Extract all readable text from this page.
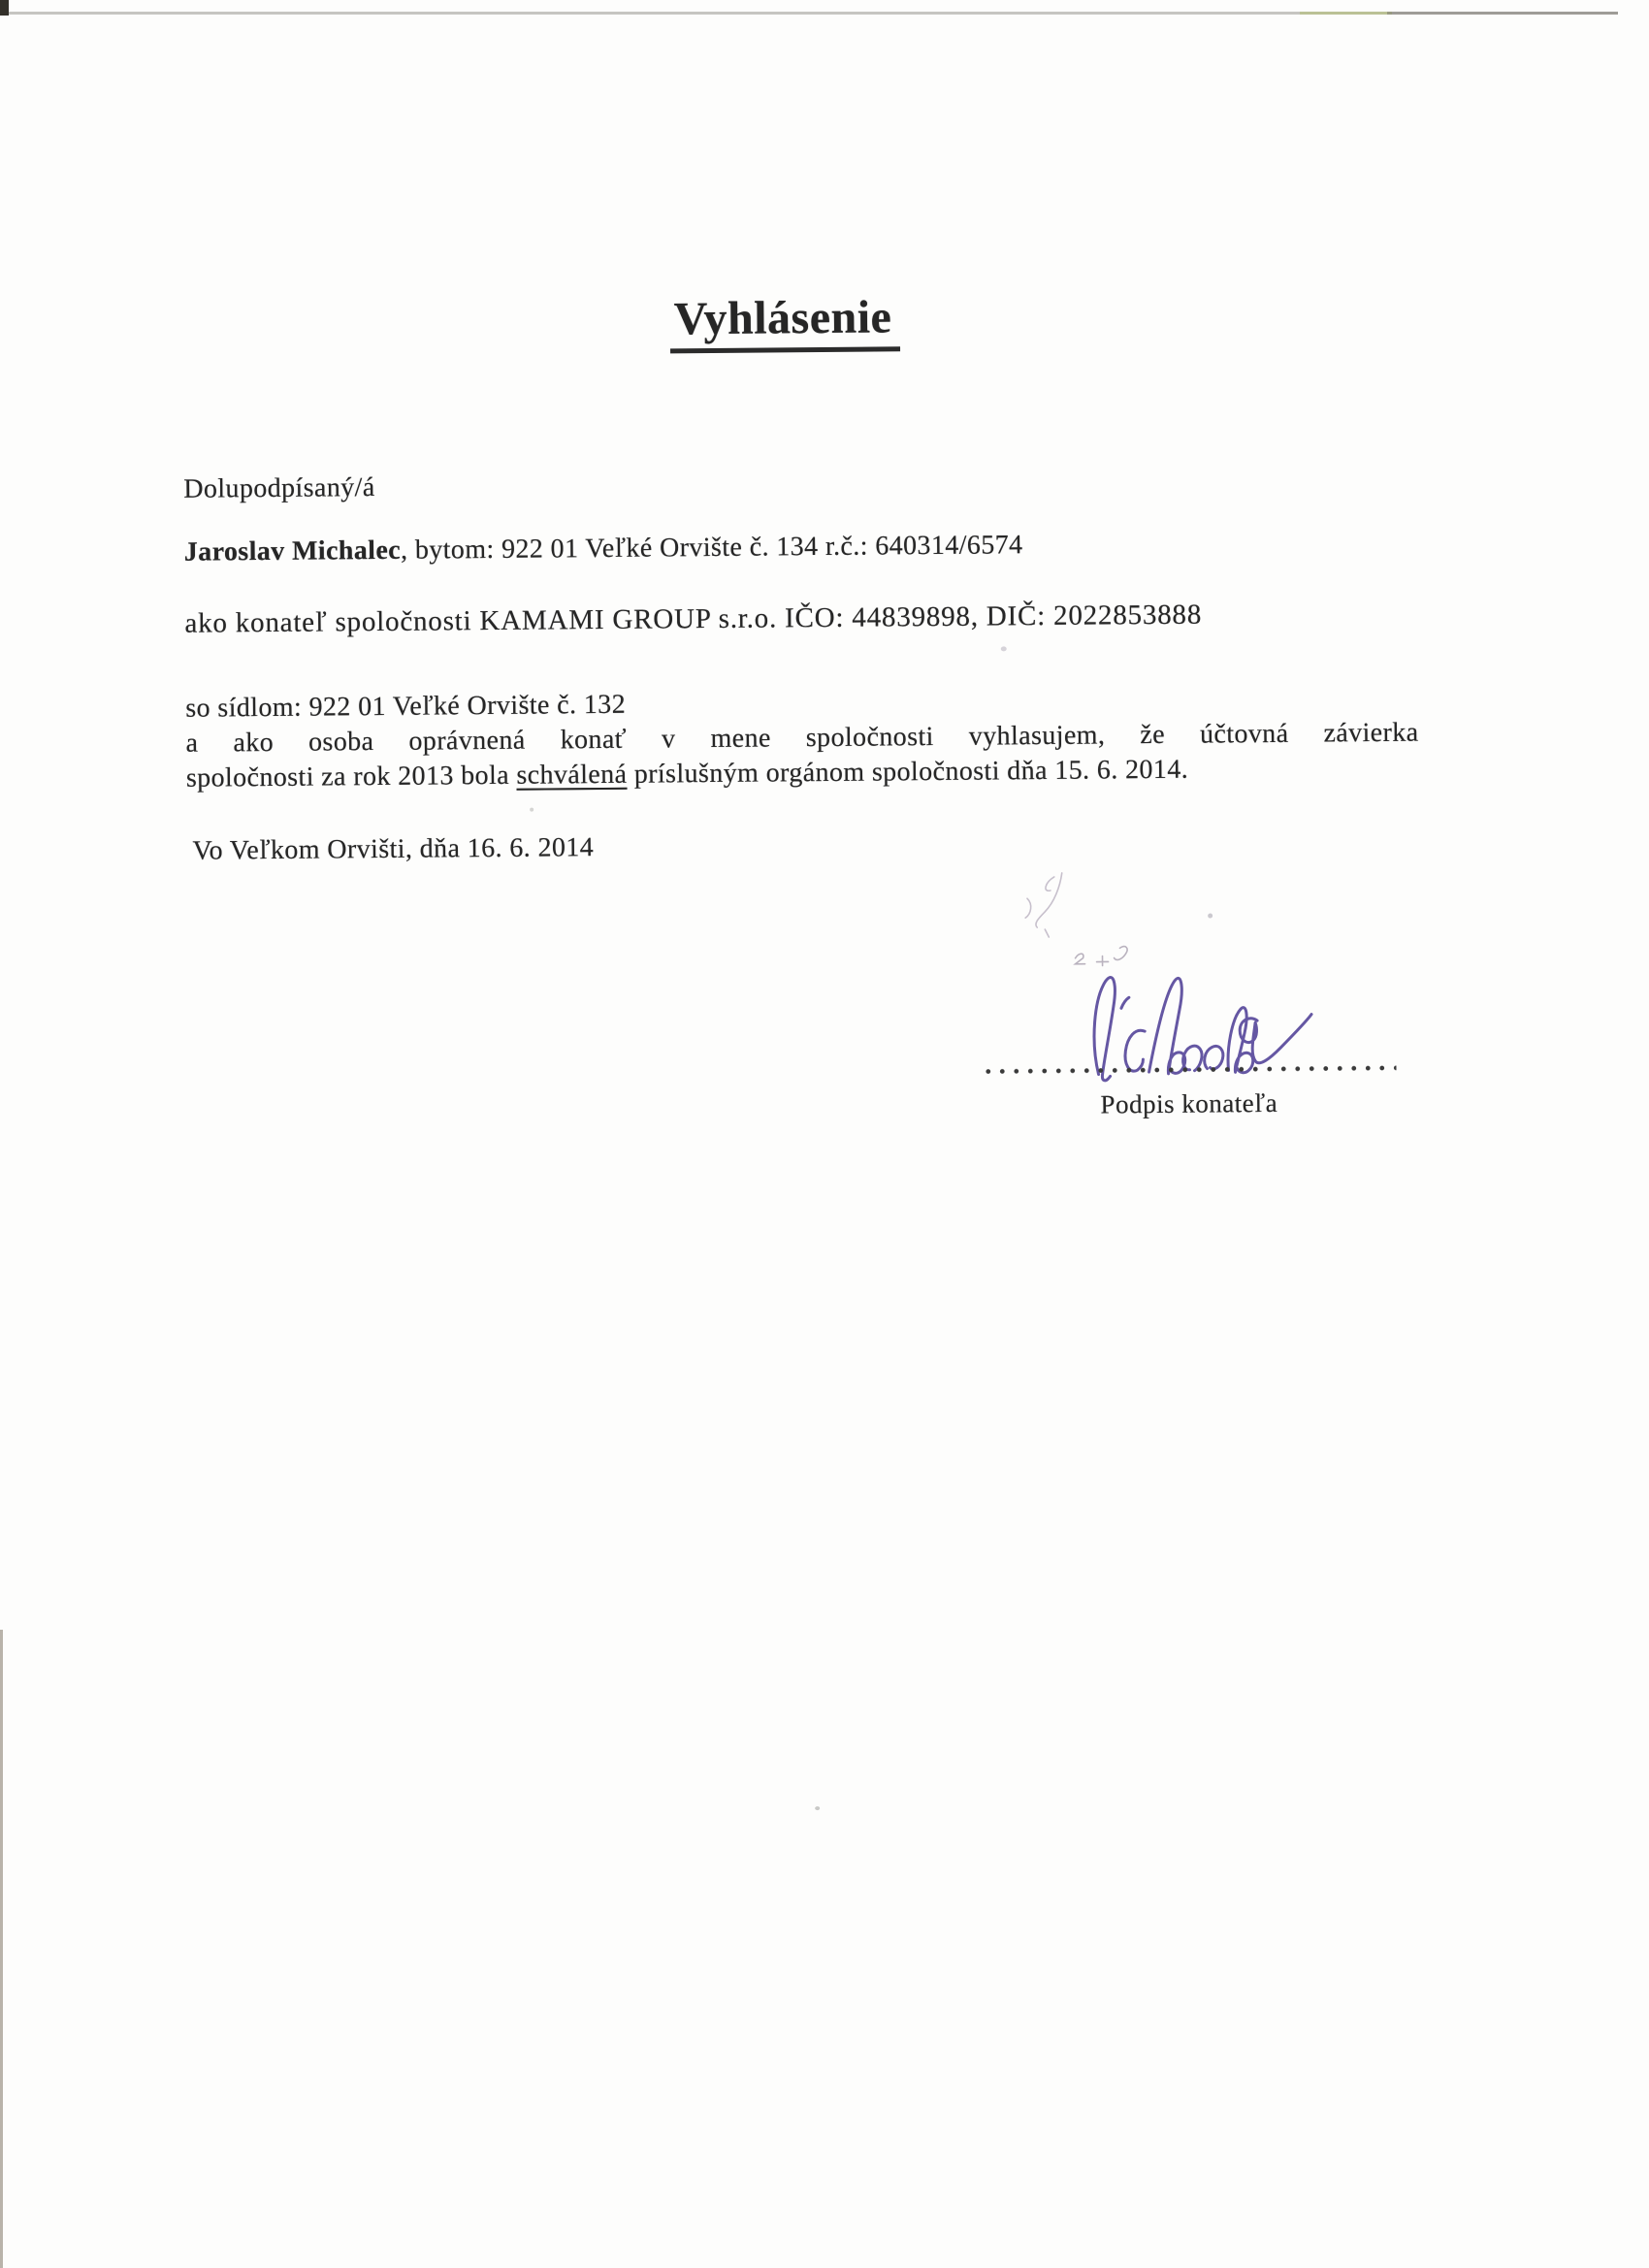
Vyhlásenie
Dolupodpísaný/á
Jaroslav Michalec, bytom: 922 01 Veľké Orvište č. 134 r.č.: 640314/6574
ako konateľ spoločnosti KAMAMI GROUP s.r.o. IČO: 44839898, DIČ: 2022853888
so sídlom: 922 01 Veľké Orvište č. 132
a ako osoba oprávnená konať v mene spoločnosti vyhlasujem, že účtovná závierka
spoločnosti za rok 2013 bola schválená príslušným orgánom spoločnosti dňa 15. 6. 2014.
Vo Veľkom Orvišti, dňa 16. 6. 2014
Podpis konateľa
